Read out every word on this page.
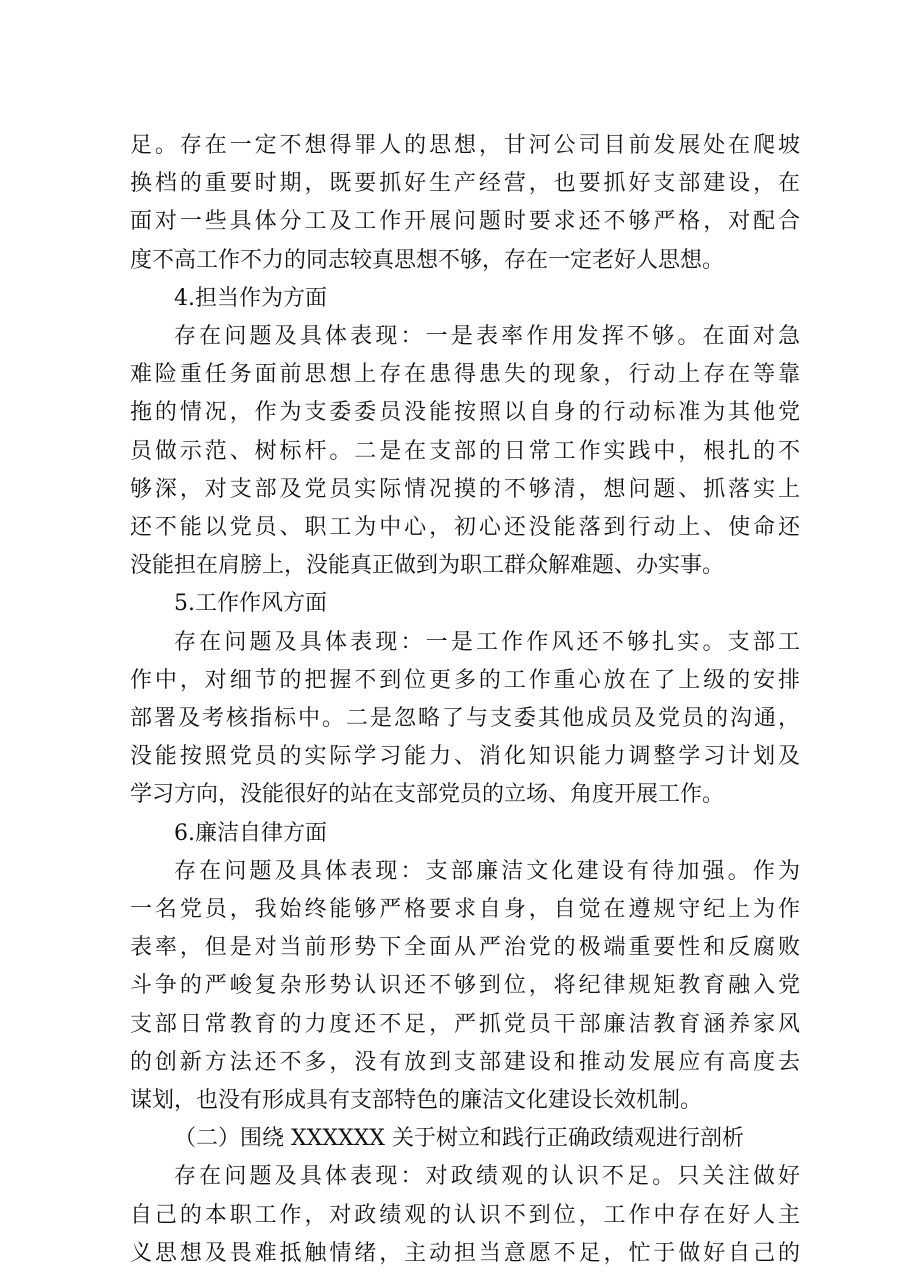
足。存在一定不想得罪人的思想，甘河公司目前发展处在爬坡
换档的重要时期，既要抓好生产经营，也要抓好支部建设，在
面对一些具体分工及工作开展问题时要求还不够严格，对配合
度不高工作不力的同志较真思想不够，存在一定老好人思想。
4.担当作为方面
存在问题及具体表现：一是表率作用发挥不够。在面对急
难险重任务面前思想上存在患得患失的现象，行动上存在等靠
拖的情况，作为支委委员没能按照以自身的行动标准为其他党
员做示范、树标杆。二是在支部的日常工作实践中，根扎的不
够深，对支部及党员实际情况摸的不够清，想问题、抓落实上
还不能以党员、职工为中心，初心还没能落到行动上、使命还
没能担在肩膀上，没能真正做到为职工群众解难题、办实事。
5.工作作风方面
存在问题及具体表现：一是工作作风还不够扎实。支部工
作中，对细节的把握不到位更多的工作重心放在了上级的安排
部署及考核指标中。二是忽略了与支委其他成员及党员的沟通，
没能按照党员的实际学习能力、消化知识能力调整学习计划及
学习方向，没能很好的站在支部党员的立场、角度开展工作。
6.廉洁自律方面
存在问题及具体表现：支部廉洁文化建设有待加强。作为
一名党员，我始终能够严格要求自身，自觉在遵规守纪上为作
表率，但是对当前形势下全面从严治党的极端重要性和反腐败
斗争的严峻复杂形势认识还不够到位，将纪律规矩教育融入党
支部日常教育的力度还不足，严抓党员干部廉洁教育涵养家风
的创新方法还不多，没有放到支部建设和推动发展应有高度去
谋划，也没有形成具有支部特色的廉洁文化建设长效机制。
（二）围绕 XXXXXX 关于树立和践行正确政绩观进行剖析
存在问题及具体表现：对政绩观的认识不足。只关注做好
自己的本职工作，对政绩观的认识不到位，工作中存在好人主
义思想及畏难抵触情绪，主动担当意愿不足，忙于做好自己的
